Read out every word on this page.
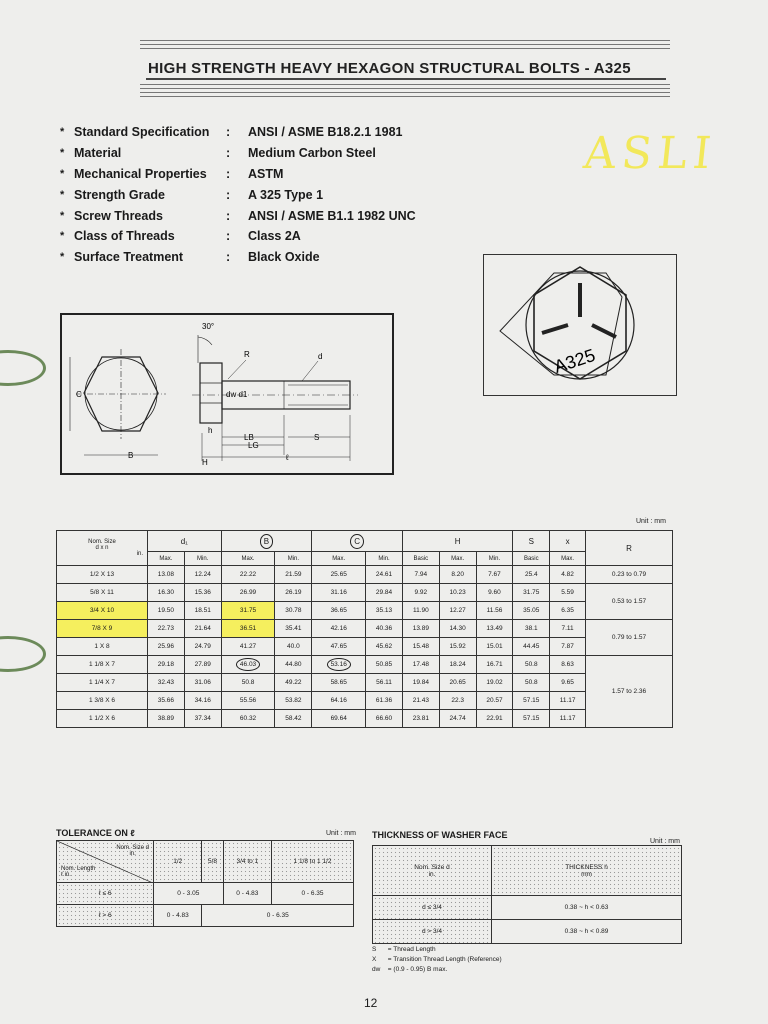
HIGH STRENGTH HEAVY HEXAGON STRUCTURAL BOLTS - A325
ASLI
* Standard Specification	:	ANSI / ASME B18.2.1 1981
* Material	:	Medium Carbon Steel
* Mechanical Properties	:	ASTM
* Strength Grade	:	A 325 Type 1
* Screw Threads	:	ANSI / ASME B1.1 1982 UNC
* Class of Threads	:	Class 2A
* Surface Treatment	:	Black Oxide
A325
C
B
30°
R	d
dw d1
h
LB
LG
S
H
ℓ
Unit : mm
Nom. Size
d x n
in.	d₁		B		C		H			S	x	R
	Max.	Min.	Max.	Min.	Max.	Min.	Basic	Max.	Min.	Basic	Max.	
1/2 X 13	13.08	12.24	22.22	21.59	25.65	24.61	7.94	8.20	7.67	25.4	4.82	0.23 to 0.79
5/8 X 11	16.30	15.36	26.99	26.19	31.16	29.84	9.92	10.23	9.60	31.75	5.59	0.53 to 1.57
3/4 X 10	19.50	18.51	31.75	30.78	36.65	35.13	11.90	12.27	11.56	35.05	6.35	
7/8 X 9	22.73	21.64	36.51	35.41	42.16	40.36	13.89	14.30	13.49	38.1	7.11	0.79 to 1.57
1 X 8	25.96	24.79	41.27	40.0	47.65	45.62	15.48	15.92	15.01	44.45	7.87	
1 1/8 X 7	29.18	27.89	46.03	44.80	53.16	50.85	17.48	18.24	16.71	50.8	8.63	1.57 to 2.36
1 1/4 X 7	32.43	31.06	50.8	49.22	58.65	56.11	19.84	20.65	19.02	50.8	9.65	
1 3/8 X 6	35.66	34.16	55.56	53.82	64.16	61.36	21.43	22.3	20.57	57.15	11.17	
1 1/2 X 6	38.89	37.34	60.32	58.42	69.64	66.60	23.81	24.74	22.91	57.15	11.17	
TOLERANCE ON ℓ	Unit : mm
Nom. Size d
in.
Nom. Length
ℓ in.	1/2	5/8	3/4 to 1	1 1/8 to 1 1/2
ℓ ≤ 6	0 - 3.05		0 - 4.83	0 - 6.35
ℓ > 6	0 - 4.83	0 - 6.35		
THICKNESS OF WASHER FACE
Unit : mm
Nom. Size d
in.	THICKNESS h
mm
d ≤ 3/4	0.38 ~ h < 0.63
d > 3/4	0.38 ~ h < 0.89
S = Thread Length
X = Transition Thread Length (Reference)
dw = (0.9 - 0.95) B max.
12
